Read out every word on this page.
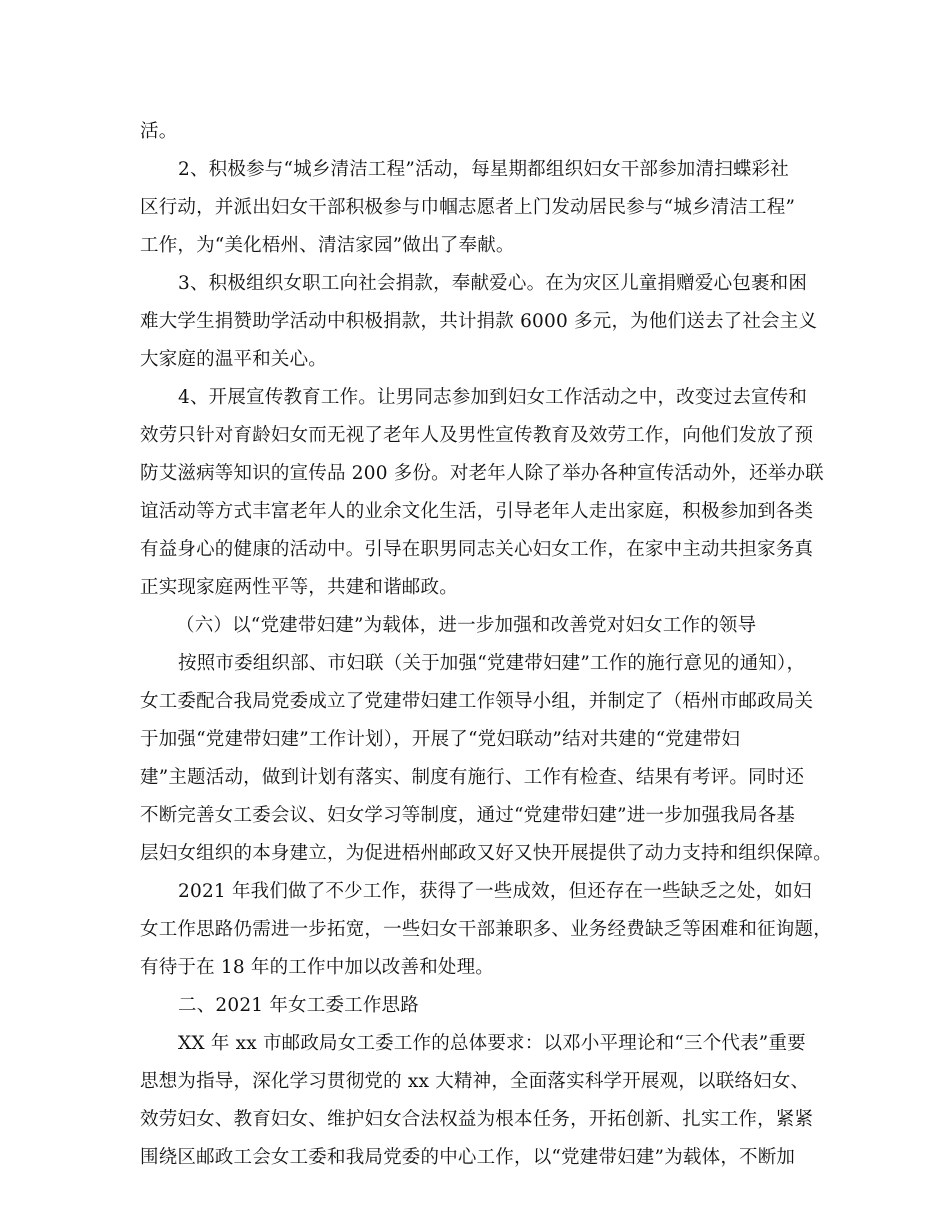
活。
2、积极参与“城乡清洁工程”活动，每星期都组织妇女干部参加清扫蝶彩社
区行动，并派出妇女干部积极参与巾帼志愿者上门发动居民参与“城乡清洁工程”
工作，为“美化梧州、清洁家园”做出了奉献。
3、积极组织女职工向社会捐款，奉献爱心。在为灾区儿童捐赠爱心包裹和困
难大学生捐赞助学活动中积极捐款，共计捐款 6000 多元，为他们送去了社会主义
大家庭的温平和关心。
4、开展宣传教育工作。让男同志参加到妇女工作活动之中，改变过去宣传和
效劳只针对育龄妇女而无视了老年人及男性宣传教育及效劳工作，向他们发放了预
防艾滋病等知识的宣传品 200 多份。对老年人除了举办各种宣传活动外，还举办联
谊活动等方式丰富老年人的业余文化生活，引导老年人走出家庭，积极参加到各类
有益身心的健康的活动中。引导在职男同志关心妇女工作，在家中主动共担家务真
正实现家庭两性平等，共建和谐邮政。
（六）以“党建带妇建”为载体，进一步加强和改善党对妇女工作的领导
按照市委组织部、市妇联（关于加强“党建带妇建”工作的施行意见的通知），
女工委配合我局党委成立了党建带妇建工作领导小组，并制定了（梧州市邮政局关
于加强“党建带妇建”工作计划），开展了“党妇联动”结对共建的“党建带妇
建”主题活动，做到计划有落实、制度有施行、工作有检查、结果有考评。同时还
不断完善女工委会议、妇女学习等制度，通过“党建带妇建”进一步加强我局各基
层妇女组织的本身建立，为促进梧州邮政又好又快开展提供了动力支持和组织保障。
2021 年我们做了不少工作，获得了一些成效，但还存在一些缺乏之处，如妇
女工作思路仍需进一步拓宽，一些妇女干部兼职多、业务经费缺乏等困难和征询题，
有待于在 18 年的工作中加以改善和处理。
二、2021 年女工委工作思路
XX 年 xx 市邮政局女工委工作的总体要求：以邓小平理论和“三个代表”重要
思想为指导，深化学习贯彻党的 xx 大精神，全面落实科学开展观，以联络妇女、
效劳妇女、教育妇女、维护妇女合法权益为根本任务，开拓创新、扎实工作，紧紧
围绕区邮政工会女工委和我局党委的中心工作，以“党建带妇建”为载体，不断加
